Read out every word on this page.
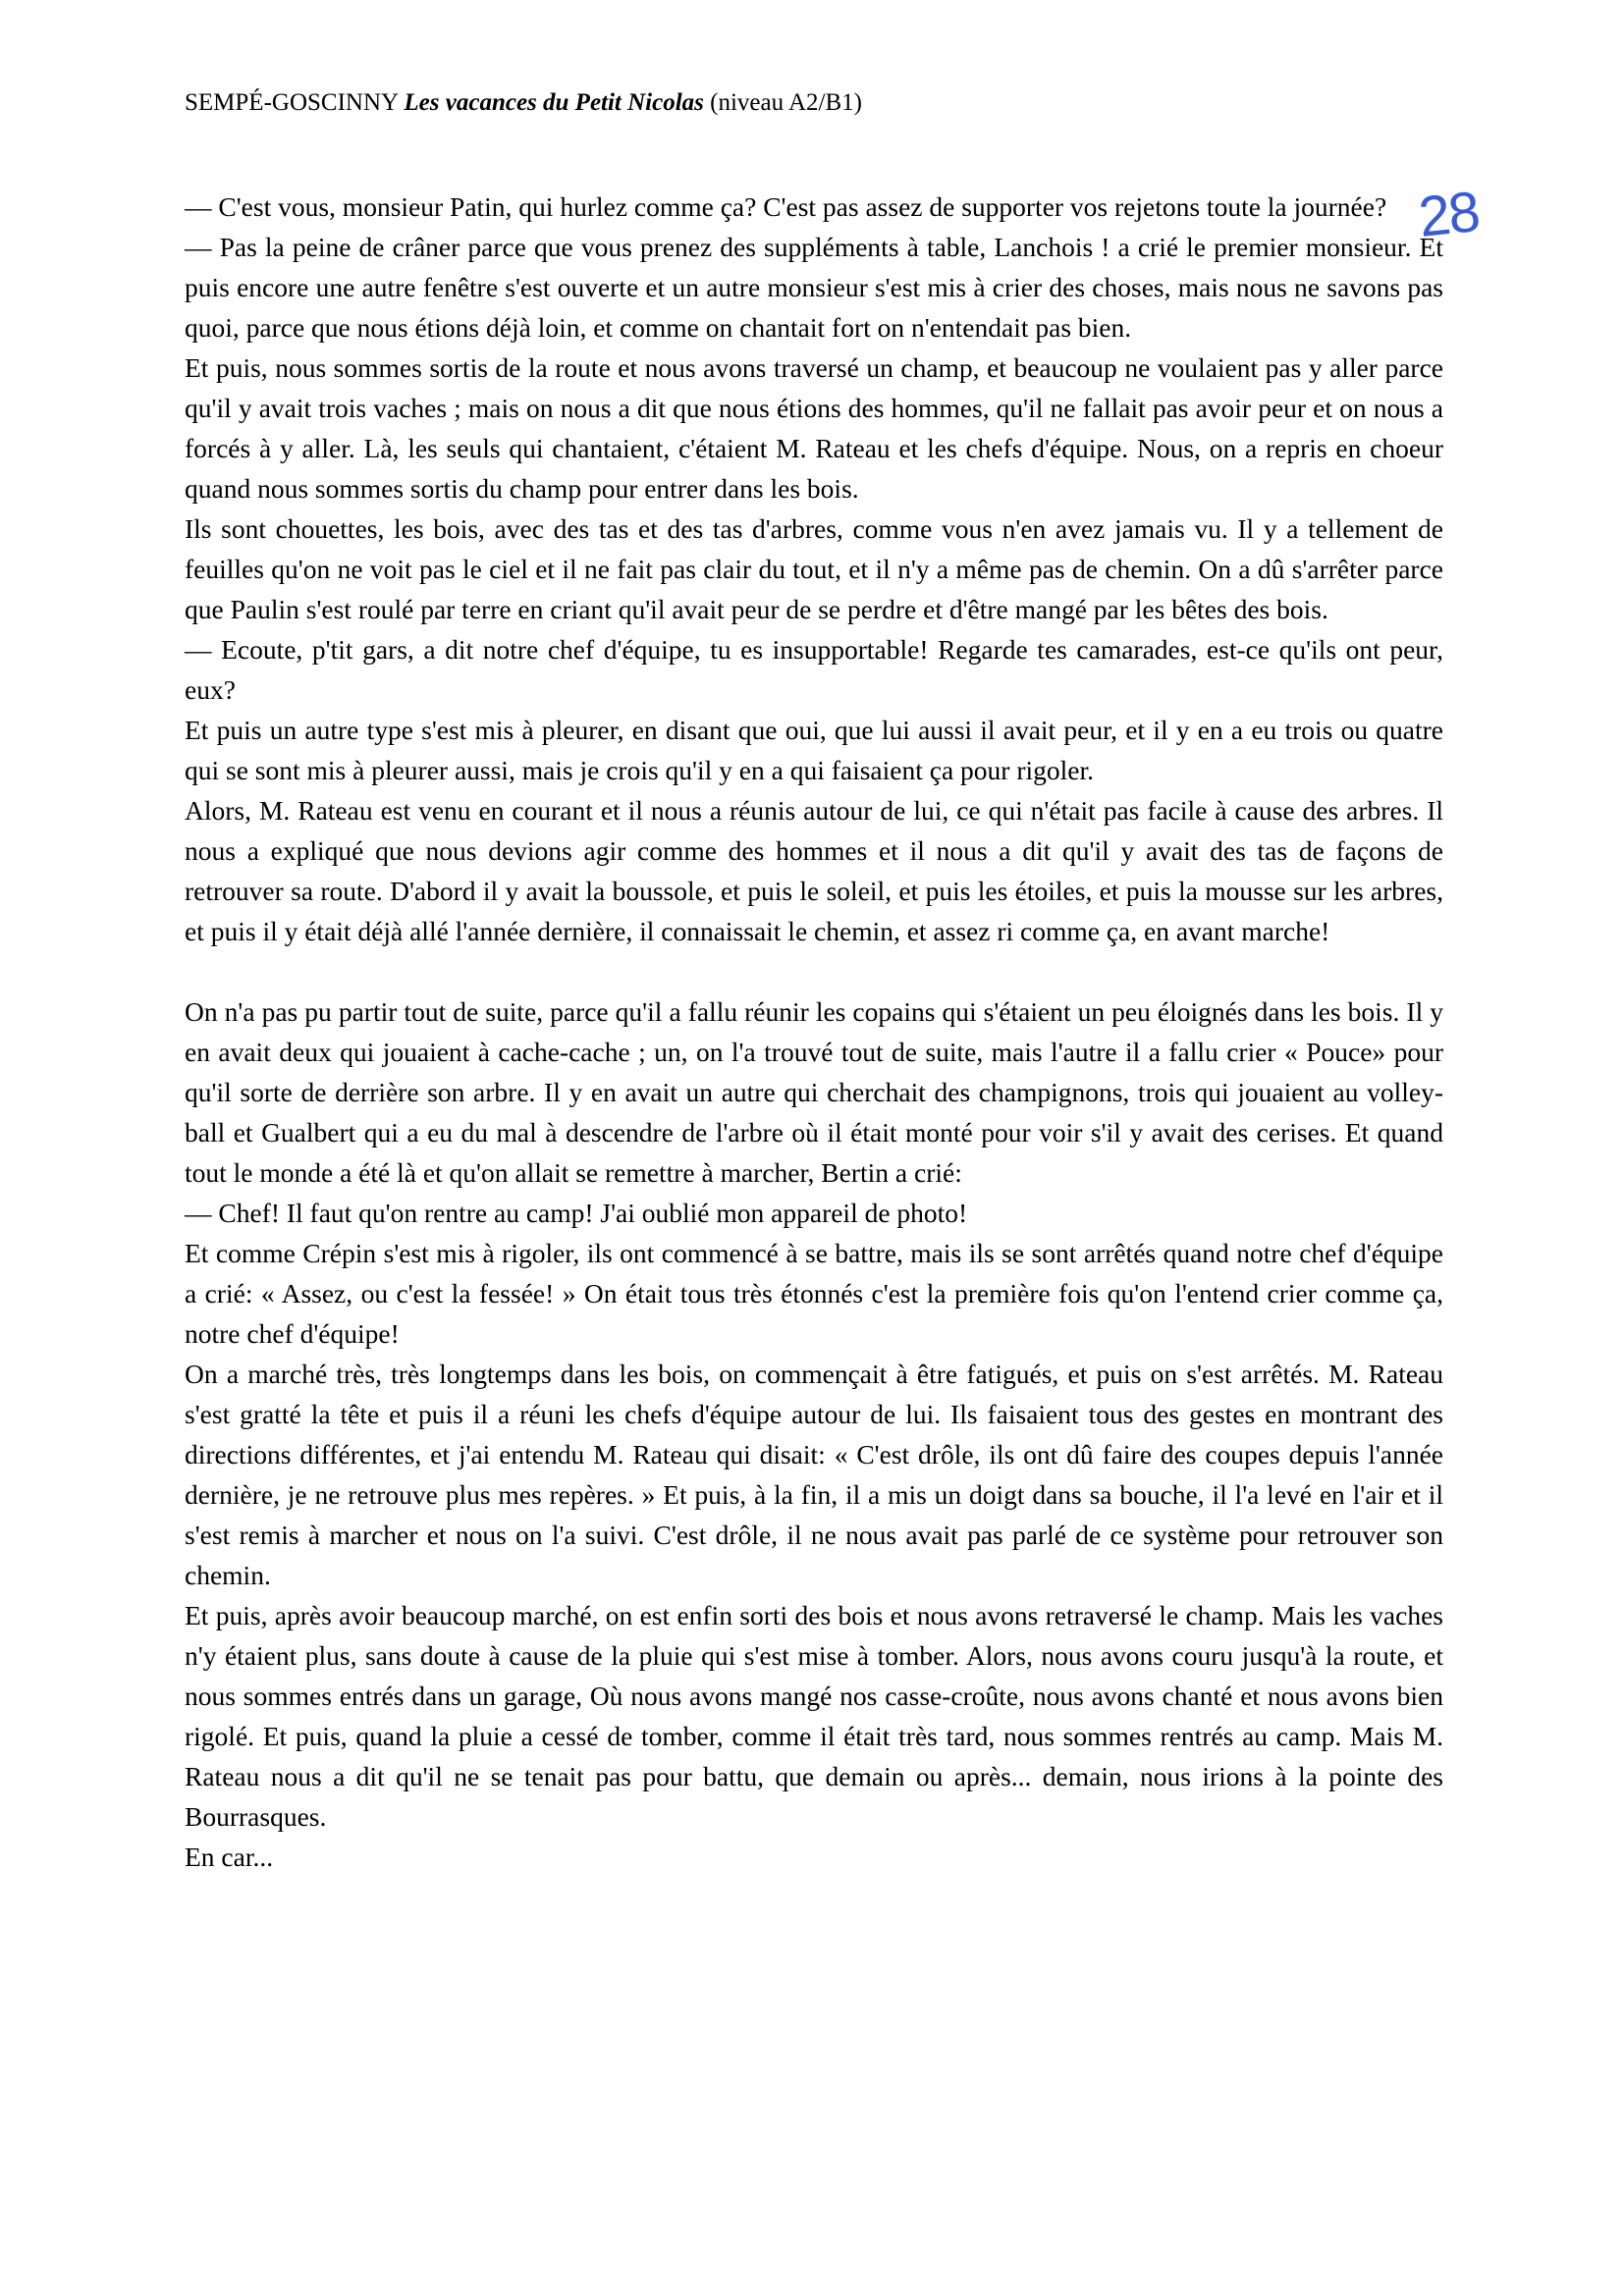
SEMPÉ-GOSCINNY Les vacances du Petit Nicolas (niveau A2/B1)
28

— C'est vous, monsieur Patin, qui hurlez comme ça? C'est pas assez de supporter vos rejetons toute la journée?

— Pas la peine de crâner parce que vous prenez des suppléments à table, Lanchois ! a crié le premier monsieur. Et puis encore une autre fenêtre s'est ouverte et un autre monsieur s'est mis à crier des choses, mais nous ne savons pas quoi, parce que nous étions déjà loin, et comme on chantait fort on n'entendait pas bien.

Et puis, nous sommes sortis de la route et nous avons traversé un champ, et beaucoup ne voulaient pas y aller parce qu'il y avait trois vaches ; mais on nous a dit que nous étions des hommes, qu'il ne fallait pas avoir peur et on nous a forcés à y aller. Là, les seuls qui chantaient, c'étaient M. Rateau et les chefs d'équipe. Nous, on a repris en choeur quand nous sommes sortis du champ pour entrer dans les bois.

Ils sont chouettes, les bois, avec des tas et des tas d'arbres, comme vous n'en avez jamais vu. Il y a tellement de feuilles qu'on ne voit pas le ciel et il ne fait pas clair du tout, et il n'y a même pas de chemin. On a dû s'arrêter parce que Paulin s'est roulé par terre en criant qu'il avait peur de se perdre et d'être mangé par les bêtes des bois.

— Ecoute, p'tit gars, a dit notre chef d'équipe, tu es insupportable! Regarde tes camarades, est-ce qu'ils ont peur, eux?

Et puis un autre type s'est mis à pleurer, en disant que oui, que lui aussi il avait peur, et il y en a eu trois ou quatre qui se sont mis à pleurer aussi, mais je crois qu'il y en a qui faisaient ça pour rigoler.

Alors, M. Rateau est venu en courant et il nous a réunis autour de lui, ce qui n'était pas facile à cause des arbres. Il nous a expliqué que nous devions agir comme des hommes et il nous a dit qu'il y avait des tas de façons de retrouver sa route. D'abord il y avait la boussole, et puis le soleil, et puis les étoiles, et puis la mousse sur les arbres, et puis il y était déjà allé l'année dernière, il connaissait le chemin, et assez ri comme ça, en avant marche!

On n'a pas pu partir tout de suite, parce qu'il a fallu réunir les copains qui s'étaient un peu éloignés dans les bois. Il y en avait deux qui jouaient à cache-cache ; un, on l'a trouvé tout de suite, mais l'autre il a fallu crier « Pouce» pour qu'il sorte de derrière son arbre. Il y en avait un autre qui cherchait des champignons, trois qui jouaient au volley-ball et Gualbert qui a eu du mal à descendre de l'arbre où il était monté pour voir s'il y avait des cerises. Et quand tout le monde a été là et qu'on allait se remettre à marcher, Bertin a crié:

— Chef! Il faut qu'on rentre au camp! J'ai oublié mon appareil de photo!

Et comme Crépin s'est mis à rigoler, ils ont commencé à se battre, mais ils se sont arrêtés quand notre chef d'équipe a crié: « Assez, ou c'est la fessée! » On était tous très étonnés c'est la première fois qu'on l'entend crier comme ça, notre chef d'équipe!

On a marché très, très longtemps dans les bois, on commençait à être fatigués, et puis on s'est arrêtés. M. Rateau s'est gratté la tête et puis il a réuni les chefs d'équipe autour de lui. Ils faisaient tous des gestes en montrant des directions différentes, et j'ai entendu M. Rateau qui disait: « C'est drôle, ils ont dû faire des coupes depuis l'année dernière, je ne retrouve plus mes repères. » Et puis, à la fin, il a mis un doigt dans sa bouche, il l'a levé en l'air et il s'est remis à marcher et nous on l'a suivi. C'est drôle, il ne nous avait pas parlé de ce système pour retrouver son chemin.

Et puis, après avoir beaucoup marché, on est enfin sorti des bois et nous avons retraversé le champ. Mais les vaches n'y étaient plus, sans doute à cause de la pluie qui s'est mise à tomber. Alors, nous avons couru jusqu'à la route, et nous sommes entrés dans un garage, Où nous avons mangé nos casse-croûte, nous avons chanté et nous avons bien rigolé. Et puis, quand la pluie a cessé de tomber, comme il était très tard, nous sommes rentrés au camp. Mais M. Rateau nous a dit qu'il ne se tenait pas pour battu, que demain ou après... demain, nous irions à la pointe des Bourrasques.

En car...
